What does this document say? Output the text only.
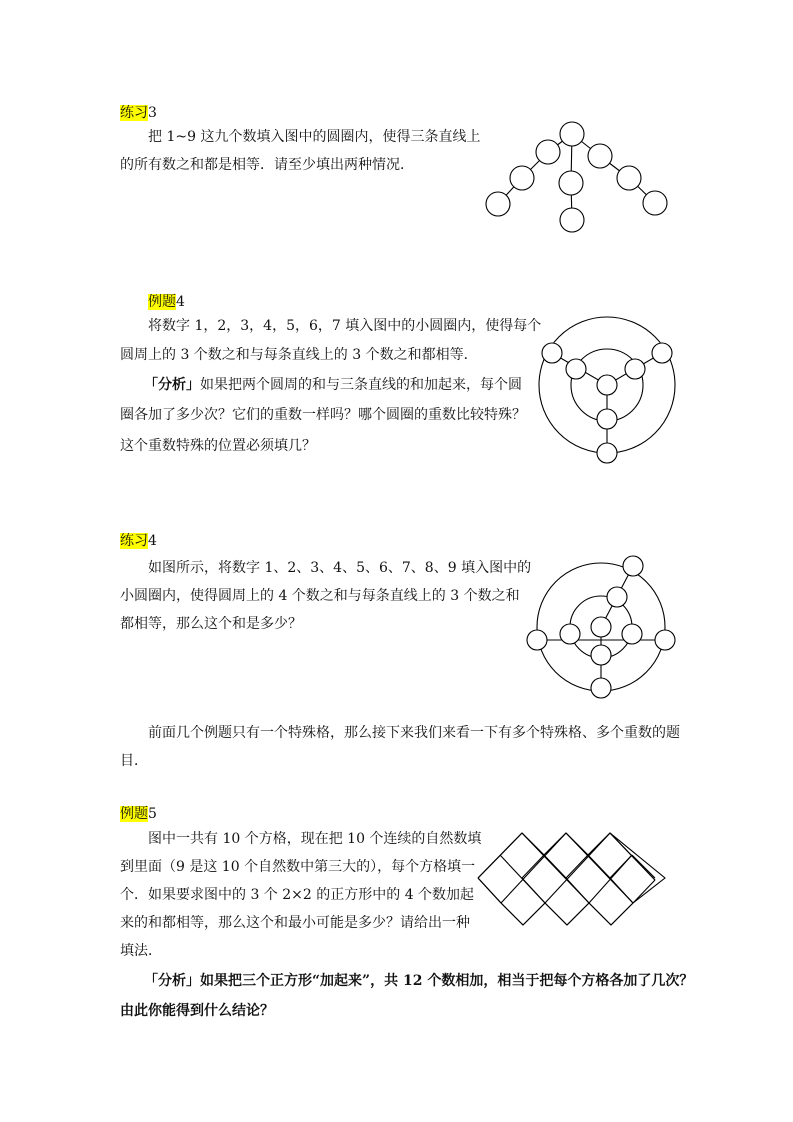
练习3
把 1~9 这九个数填入图中的圆圈内，使得三条直线上
的所有数之和都是相等．请至少填出两种情况．
例题4
将数字 1，2，3，4，5，6，7 填入图中的小圆圈内，使得每个
圆周上的 3 个数之和与每条直线上的 3 个数之和都相等．
「分析」如果把两个圆周的和与三条直线的和加起来，每个圆
圈各加了多少次？它们的重数一样吗？哪个圆圈的重数比较特殊？
这个重数特殊的位置必须填几？
练习4
如图所示，将数字 1、2、3、4、5、6、7、8、9 填入图中的
小圆圈内，使得圆周上的 4 个数之和与每条直线上的 3 个数之和
都相等，那么这个和是多少？
前面几个例题只有一个特殊格，那么接下来我们来看一下有多个特殊格、多个重数的题
目．
例题5
图中一共有 10 个方格，现在把 10 个连续的自然数填
到里面（9 是这 10 个自然数中第三大的），每个方格填一
个．如果要求图中的 3 个 2×2 的正方形中的 4 个数加起
来的和都相等，那么这个和最小可能是多少？请给出一种
填法．
「分析」如果把三个正方形“加起来”，共 12 个数相加，相当于把每个方格各加了几次？
由此你能得到什么结论？
